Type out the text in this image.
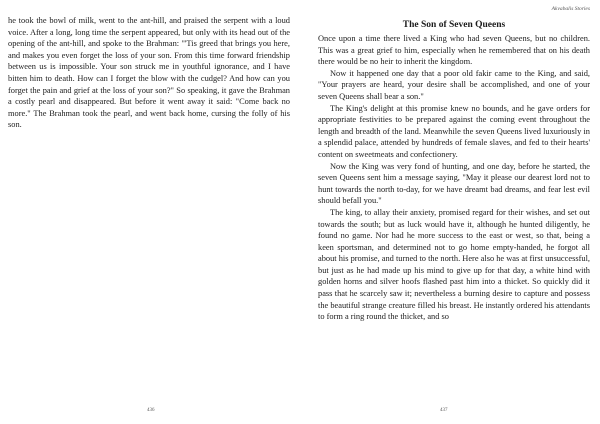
he took the bowl of milk, went to the ant-hill, and praised the serpent with a loud voice. After a long, long time the serpent appeared, but only with its head out of the opening of the ant-hill, and spoke to the Brahman: "'Tis greed that brings you here, and makes you even forget the loss of your son. From this time forward friendship between us is impossible. Your son struck me in youthful ignorance, and I have bitten him to death. How can I forget the blow with the cudgel? And how can you forget the pain and grief at the loss of your son?" So speaking, it gave the Brahman a costly pearl and disappeared. But before it went away it said: "Come back no more." The Brahman took the pearl, and went back home, cursing the folly of his son.

436
Akvabalis Stories
The Son of Seven Queens

Once upon a time there lived a King who had seven Queens, but no children. This was a great grief to him, especially when he remembered that on his death there would be no heir to inherit the kingdom.

Now it happened one day that a poor old fakir came to the King, and said, "Your prayers are heard, your desire shall be accomplished, and one of your seven Queens shall bear a son."

The King's delight at this promise knew no bounds, and he gave orders for appropriate festivities to be prepared against the coming event throughout the length and breadth of the land. Meanwhile the seven Queens lived luxuriously in a splendid palace, attended by hundreds of female slaves, and fed to their hearts' content on sweetmeats and confectionery.

Now the King was very fond of hunting, and one day, before he started, the seven Queens sent him a message saying, "May it please our dearest lord not to hunt towards the north to-day, for we have dreamt bad dreams, and fear lest evil should befall you."

The king, to allay their anxiety, promised regard for their wishes, and set out towards the south; but as luck would have it, although he hunted diligently, he found no game. Nor had he more success to the east or west, so that, being a keen sportsman, and determined not to go home empty-handed, he forgot all about his promise, and turned to the north. Here also he was at first unsuccessful, but just as he had made up his mind to give up for that day, a white hind with golden horns and silver hoofs flashed past him into a thicket. So quickly did it pass that he scarcely saw it; nevertheless a burning desire to capture and possess the beautiful strange creature filled his breast. He instantly ordered his attendants to form a ring round the thicket, and so

437
